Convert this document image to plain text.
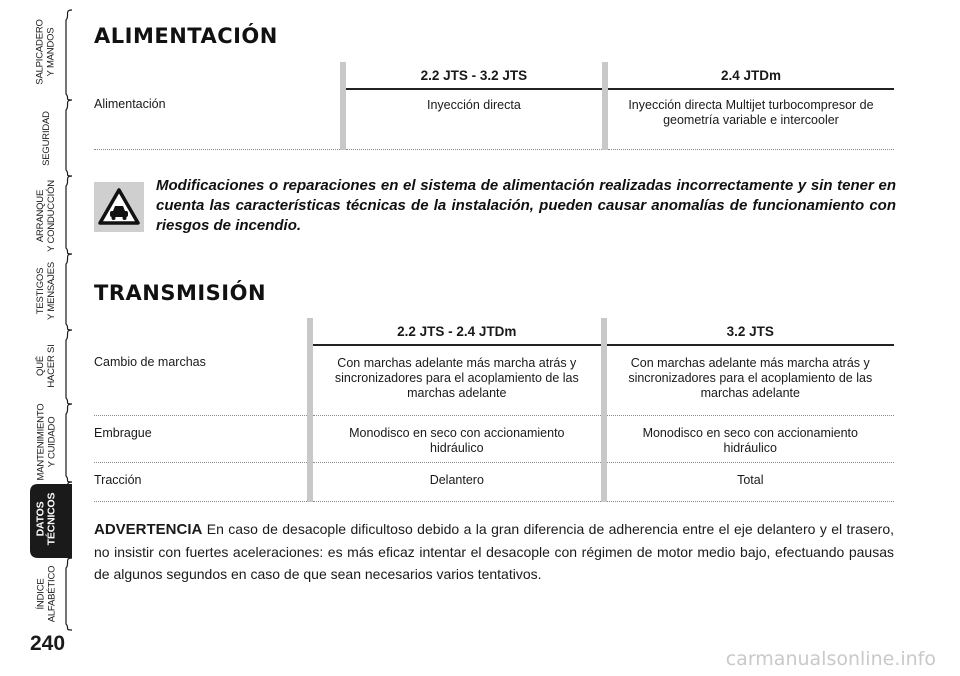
SALPICADERO
Y MANDOS
SEGURIDAD
ARRANQUE
Y CONDUCCIÓN
TESTIGOS
Y MENSAJES
QUÉ
HACER SI
MANTENIMIENTO
Y CUIDADO
DATOS
TÉCNICOS
ÍNDICE
ALFABÉTICO
240
ALIMENTACIÓN
	2.2 JTS - 3.2 JTS	2.4 JTDm
Alimentación	Inyección directa	Inyección directa Multijet turbocompresor de geometría variable e intercooler

Modificaciones o reparaciones en el sistema de alimentación realizadas incorrectamente y sin tener en cuenta las características técnicas de la instalación, pueden causar anomalías de funcionamiento con riesgos de incendio.

TRANSMISIÓN
	2.2 JTS - 2.4 JTDm	3.2 JTS
Cambio de marchas	Con marchas adelante más marcha atrás y sincronizadores para el acoplamiento de las marchas adelante	Con marchas adelante más marcha atrás y sincronizadores para el acoplamiento de las marchas adelante
Embrague	Monodisco en seco con accionamiento hidráulico	Monodisco en seco con accionamiento hidráulico
Tracción	Delantero	Total

ADVERTENCIA En caso de desacople dificultoso debido a la gran diferencia de adherencia entre el eje delantero y el trasero, no insistir con fuertes aceleraciones: es más eficaz intentar el desacople con régimen de motor medio bajo, efectuando pausas de algunos segundos en caso de que sean necesarios varios tentativos.

carmanualsonline.info
